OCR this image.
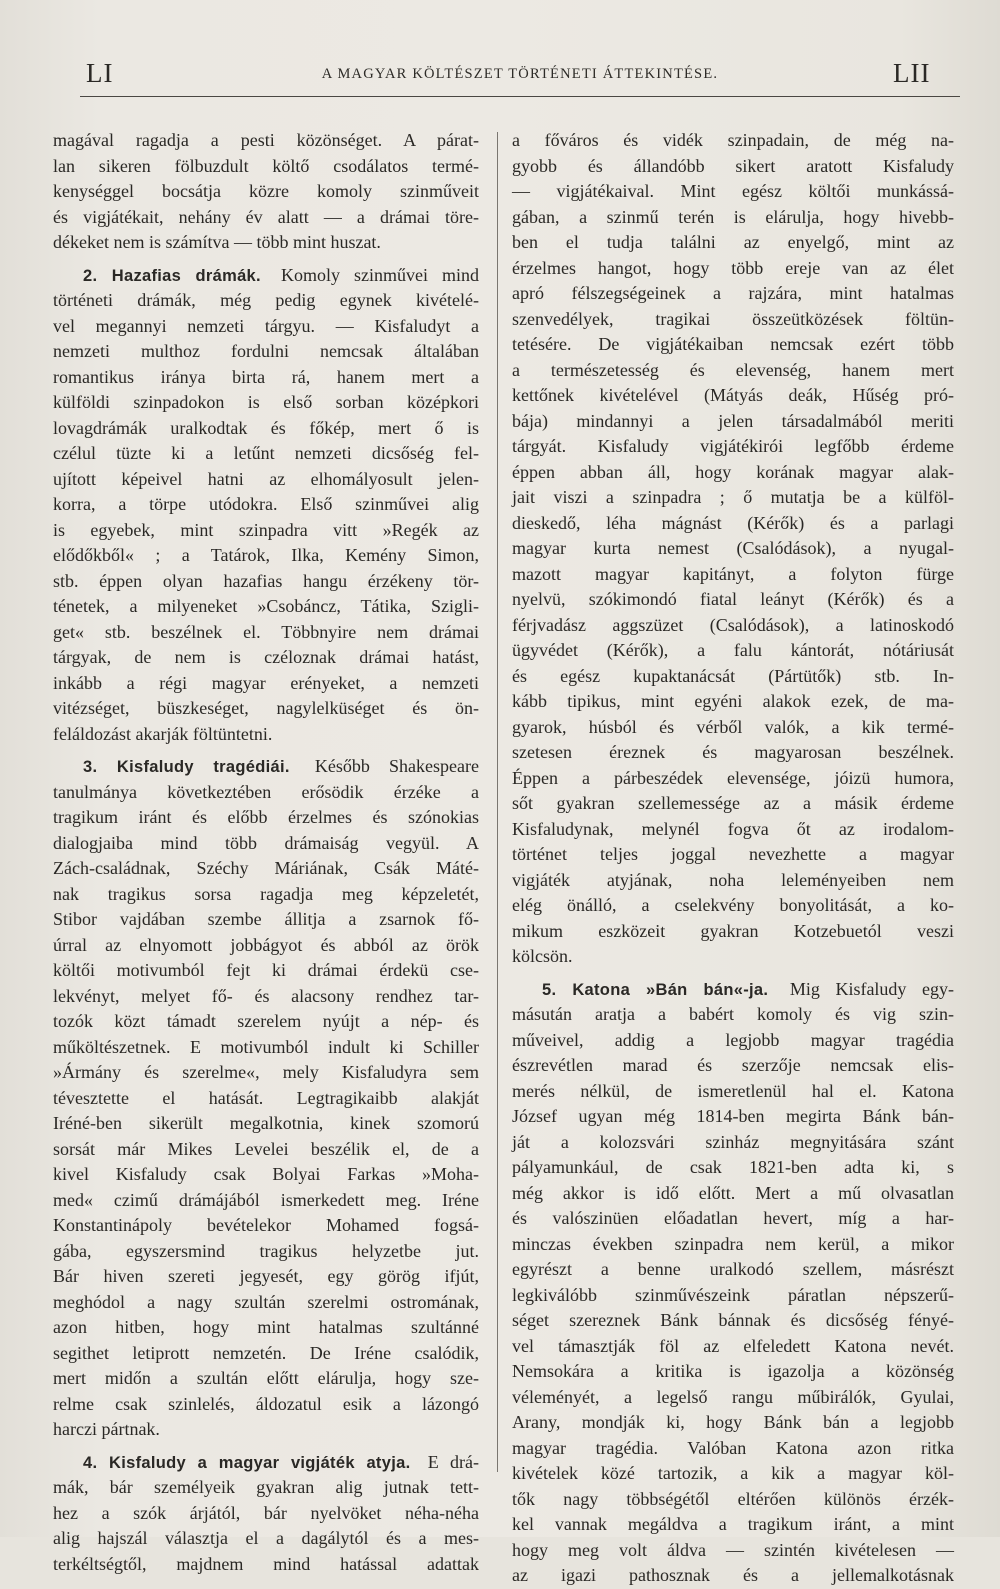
LI	A MAGYAR KÖLTÉSZET TÖRTÉNETI ÁTTEKINTÉSE.	LII
magával ragadja a pesti közönséget. A párat-
lan sikeren fölbuzdult költő csodálatos termé-
kenységgel bocsátja közre komoly szinműveit
és vigjátékait, nehány év alatt — a drámai töre-
dékeket nem is számítva — több mint huszat.
2. Hazafias drámák. Komoly szinművei mind
történeti drámák, még pedig egynek kivételé-
vel megannyi nemzeti tárgyu. — Kisfaludyt a
nemzeti multhoz fordulni nemcsak általában
romantikus iránya birta rá, hanem mert a
külföldi szinpadokon is első sorban középkori
lovagdrámák uralkodtak és főkép, mert ő is
czélul tüzte ki a letűnt nemzeti dicsőség fel-
ujított képeivel hatni az elhomályosult jelen-
korra, a törpe utódokra. Első szinművei alig
is egyebek, mint szinpadra vitt »Regék az
elődőkből« ; a Tatárok, Ilka, Kemény Simon,
stb. éppen olyan hazafias hangu érzékeny tör-
ténetek, a milyeneket »Csobáncz, Tátika, Szigli-
get« stb. beszélnek el. Többnyire nem drámai
tárgyak, de nem is czéloznak drámai hatást,
inkább a régi magyar erényeket, a nemzeti
vitézséget, büszkeséget, nagylelküséget és ön-
feláldozást akarják föltüntetni.
3. Kisfaludy tragédiái. Később Shakespeare
tanulmánya következtében erősödik érzéke a
tragikum iránt és előbb érzelmes és szónokias
dialogjaiba mind több drámaiság vegyül. A
Zách-családnak, Széchy Máriának, Csák Máté-
nak tragikus sorsa ragadja meg képzeletét,
Stibor vajdában szembe állitja a zsarnok fő-
úrral az elnyomott jobbágyot és abból az örök
költői motivumból fejt ki drámai érdekü cse-
lekvényt, melyet fő- és alacsony rendhez tar-
tozók közt támadt szerelem nyújt a nép- és
műköltészetnek. E motivumból indult ki Schiller
»Ármány és szerelme«, mely Kisfaludyra sem
tévesztette el hatását. Legtragikaibb alakját
Iréné-ben sikerült megalkotnia, kinek szomorú
sorsát már Mikes Levelei beszélik el, de a
kivel Kisfaludy csak Bolyai Farkas »Moha-
med« czimű drámájából ismerkedett meg. Iréne
Konstantinápoly bevételekor Mohamed fogsá-
gába, egyszersmind tragikus helyzetbe jut.
Bár hiven szereti jegyesét, egy görög ifjút,
meghódol a nagy szultán szerelmi ostromának,
azon hitben, hogy mint hatalmas szultánné
segithet letiprott nemzetén. De Iréne csalódik,
mert midőn a szultán előtt elárulja, hogy sze-
relme csak szinlelés, áldozatul esik a lázongó
harczi pártnak.
4. Kisfaludy a magyar vigjáték atyja. E drá-
mák, bár személyeik gyakran alig jutnak tett-
hez a szók árjától, bár nyelvöket néha-néha
alig hajszál választja el a dagálytól és a mes-
terkéltségtől, majdnem mind hatással adattak
a főváros és vidék szinpadain, de még na-
gyobb és állandóbb sikert aratott Kisfaludy
— vigjátékaival. Mint egész költői munkássá-
gában, a szinmű terén is elárulja, hogy hivebb-
ben el tudja találni az enyelgő, mint az
érzelmes hangot, hogy több ereje van az élet
apró félszegségeinek a rajzára, mint hatalmas
szenvedélyek, tragikai összeütközések föltün-
tetésére. De vigjátékaiban nemcsak ezért több
a természetesség és elevenség, hanem mert
kettőnek kivételével (Mátyás deák, Hűség pró-
bája) mindannyi a jelen társadalmából meriti
tárgyát. Kisfaludy vigjátékirói legfőbb érdeme
éppen abban áll, hogy korának magyar alak-
jait viszi a szinpadra ; ő mutatja be a külföl-
dieskedő, léha mágnást (Kérők) és a parlagi
magyar kurta nemest (Csalódások), a nyugal-
mazott magyar kapitányt, a folyton fürge
nyelvü, szókimondó fiatal leányt (Kérők) és a
férjvadász aggszüzet (Csalódások), a latinoskodó
ügyvédet (Kérők), a falu kántorát, nótáriusát
és egész kupaktanácsát (Pártütők) stb. In-
kább tipikus, mint egyéni alakok ezek, de ma-
gyarok, húsból és vérből valók, a kik termé-
szetesen éreznek és magyarosan beszélnek.
Éppen a párbeszédek elevensége, jóizü humora,
sőt gyakran szellemessége az a másik érdeme
Kisfaludynak, melynél fogva őt az irodalom-
történet teljes joggal nevezhette a magyar
vigjáték atyjának, noha leleményeiben nem
elég önálló, a cselekvény bonyolitását, a ko-
mikum eszközeit gyakran Kotzebuetól veszi
kölcsön.
5. Katona »Bán bán«-ja. Mig Kisfaludy egy-
másután aratja a babért komoly és vig szin-
műveivel, addig a legjobb magyar tragédia
észrevétlen marad és szerzője nemcsak elis-
merés nélkül, de ismeretlenül hal el. Katona
József ugyan még 1814-ben megirta Bánk bán-
ját a kolozsvári szinház megnyitására szánt
pályamunkául, de csak 1821-ben adta ki, s
még akkor is idő előtt. Mert a mű olvasatlan
és valószinüen előadatlan hevert, míg a har-
minczas években szinpadra nem kerül, a mikor
egyrészt a benne uralkodó szellem, másrészt
legkiválóbb szinművészeink páratlan népszerű-
séget szereznek Bánk bánnak és dicsőség fényé-
vel támasztják föl az elfeledett Katona nevét.
Nemsokára a kritika is igazolja a közönség
véleményét, a legelső rangu műbirálók, Gyulai,
Arany, mondják ki, hogy Bánk bán a legjobb
magyar tragédia. Valóban Katona azon ritka
kivételek közé tartozik, a kik a magyar köl-
tők nagy többségétől eltérően különös érzék-
kel vannak megáldva a tragikum iránt, a mint
hogy meg volt áldva — szintén kivételesen —
az igazi pathosznak és a jellemalkotásnak
